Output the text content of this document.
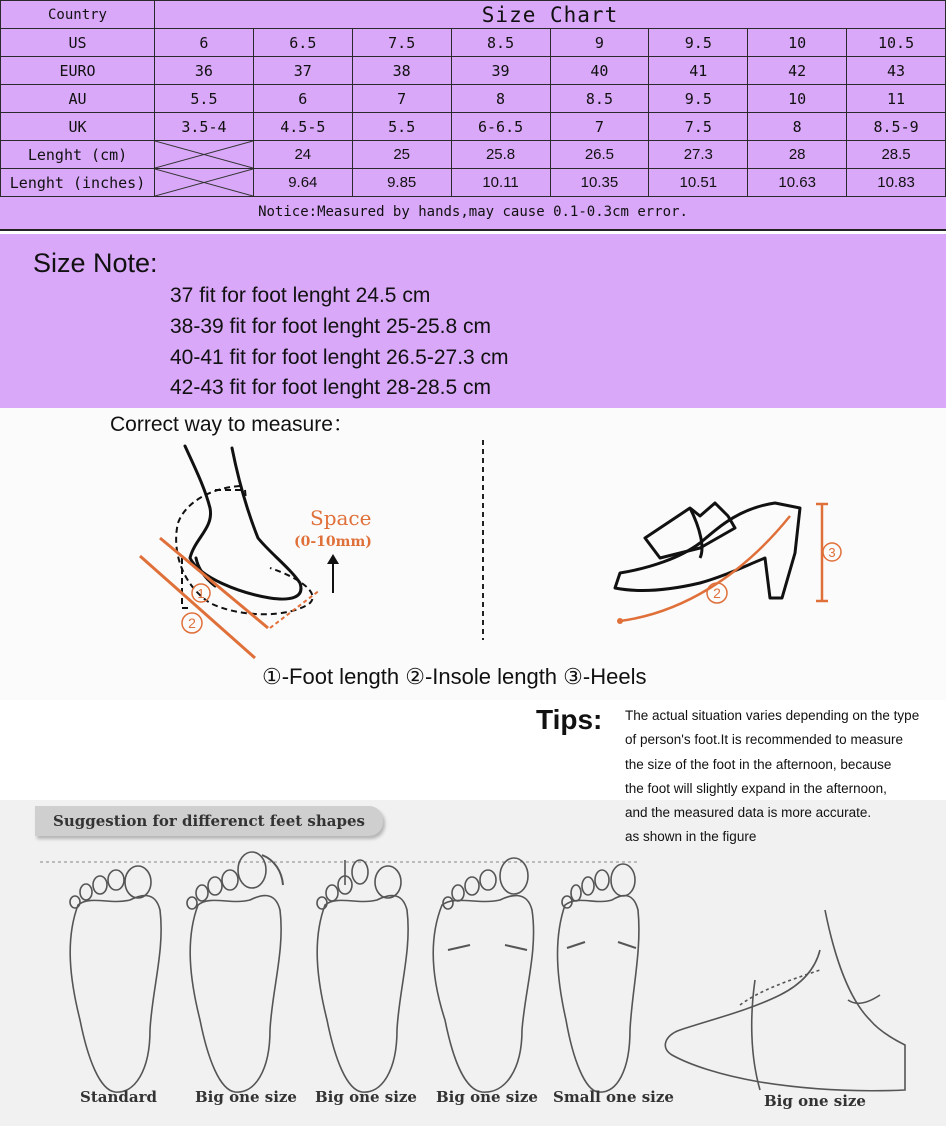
Country	Size Chart							
US	6	6.5	7.5	8.5	9	9.5	10	10.5
EURO	36	37	38	39	40	41	42	43
AU	5.5	6	7	8	8.5	9.5	10	11
UK	3.5-4	4.5-5	5.5	6-6.5	7	7.5	8	8.5-9
Lenght (cm)		24	25	25.8	26.5	27.3	28	28.5
Lenght (inches)		9.64	9.85	10.11	10.35	10.51	10.63	10.83
Notice:Measured by hands,may cause 0.1-0.3cm error.
Size Note:
37 fit for foot lenght 24.5 cm
38-39 fit for foot lenght 25-25.8 cm
40-41 fit for foot lenght 26.5-27.3 cm
42-43 fit for foot lenght 28-28.5 cm
Correct way to measure：
1
2
Space
(0-10mm)
2
3
①-Foot length ②-Insole length ③-Heels
Tips: The actual situation varies depending on the type
of person's foot.It is recommended to measure
the size of the foot in the afternoon, because
the foot will slightly expand in the afternoon,
Suggestion for differenct feet shapes
Standard	Big one size Big one size Big one size Small one size	Big one size
and the measured data is more accurate.
as shown in the figure
